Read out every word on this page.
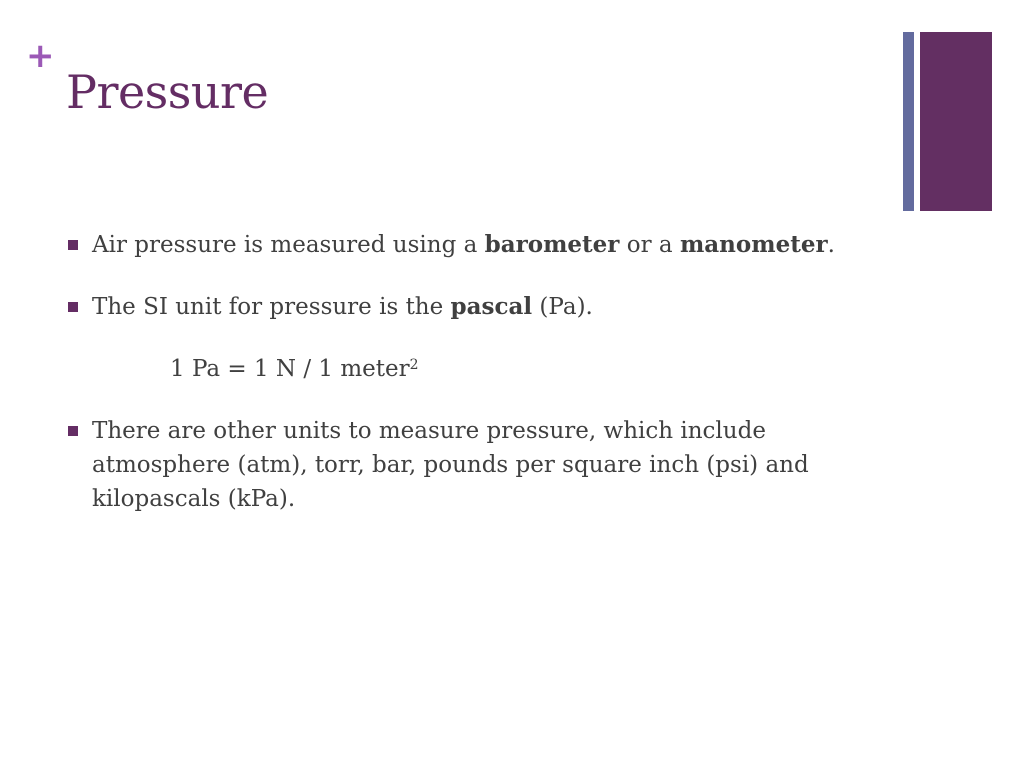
+
Pressure
Air pressure is measured using a barometer or a manometer.
The SI unit for pressure is the pascal (Pa).
1 Pa = 1 N / 1 meter$^2$
There are other units to measure pressure, which include atmosphere (atm), torr, bar, pounds per square inch (psi) and kilopascals (kPa).
